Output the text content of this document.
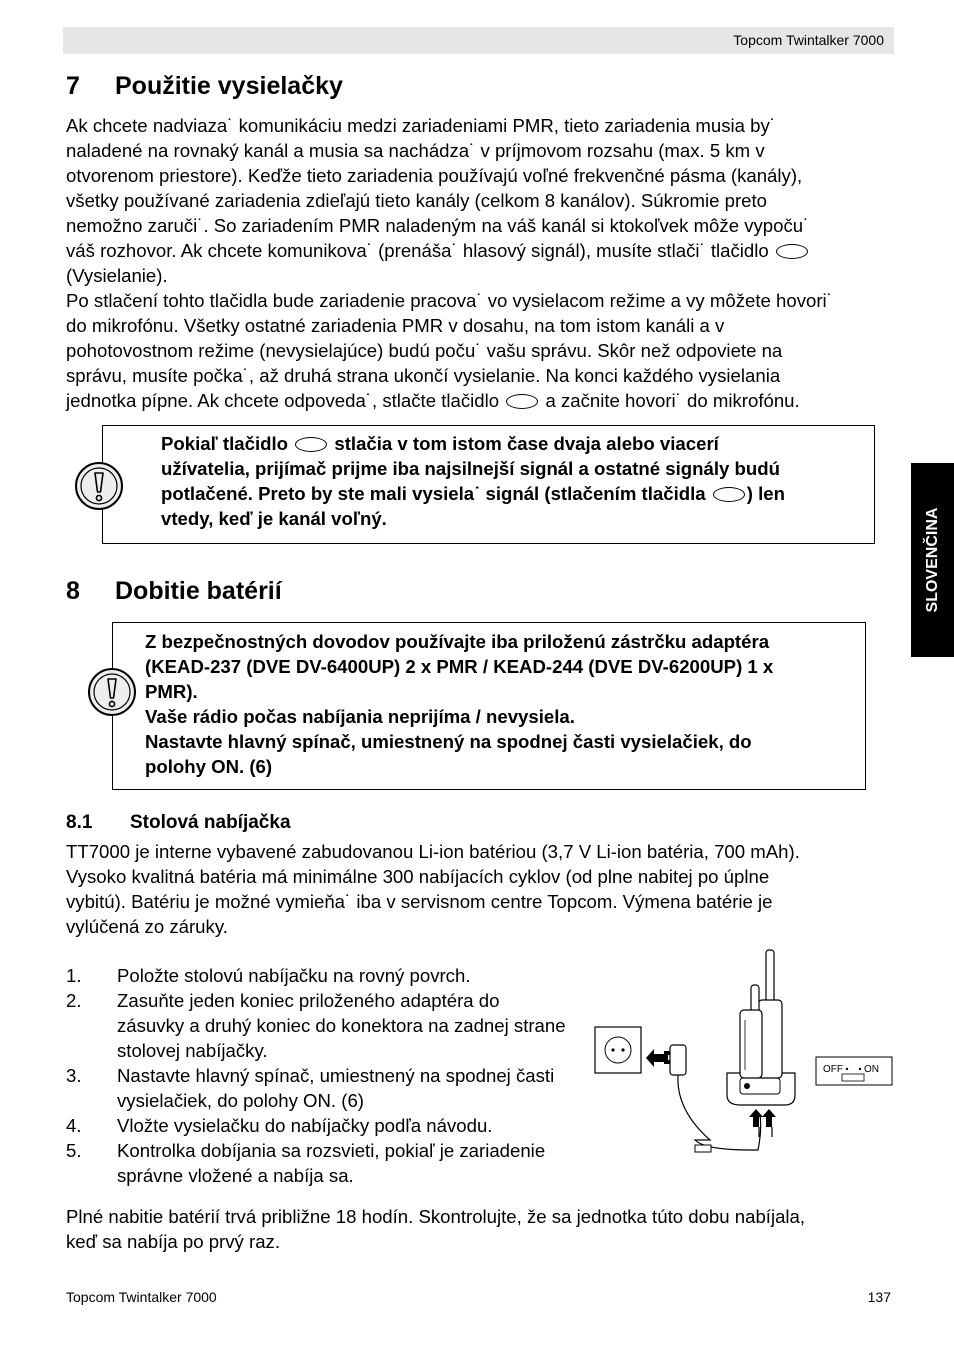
Topcom Twintalker 7000
SLOVENČINA
7 Použitie vysielačky

Ak chcete nadviaza˙ komunikáciu medzi zariadeniami PMR, tieto zariadenia musia by˙
naladené na rovnaký kanál a musia sa nachádza˙ v príjmovom rozsahu (max. 5 km v
otvorenom priestore). Keďže tieto zariadenia používajú voľné frekvenčné pásma (kanály),
všetky používané zariadenia zdieľajú tieto kanály (celkom 8 kanálov). Súkromie preto
nemožno zaruči˙. So zariadením PMR naladeným na váš kanál si ktokoľvek môže vypoču˙
váš rozhovor. Ak chcete komunikova˙ (prenáša˙ hlasový signál), musíte stlači˙ tlačidlo
(Vysielanie).

Po stlačení tohto tlačidla bude zariadenie pracova˙ vo vysielacom režime a vy môžete hovori˙
do mikrofónu. Všetky ostatné zariadenia PMR v dosahu, na tom istom kanáli a v
pohotovostnom režime (nevysielajúce) budú poču˙ vašu správu. Skôr než odpoviete na
správu, musíte počka˙, až druhá strana ukončí vysielanie. Na konci každého vysielania
jednotka pípne. Ak chcete odpoveda˙, stlačte tlačidlo a začnite hovori˙ do mikrofónu.

Pokiaľ tlačidlo stlačia v tom istom čase dvaja alebo viacerí
užívatelia, prijímač prijme iba najsilnejší signál a ostatné signály budú
potlačené. Preto by ste mali vysiela˙ signál (stlačením tlačidla ) len
vtedy, keď je kanál voľný.

8 Dobitie batérií

Z bezpečnostných dovodov používajte iba priloženú zástrčku adaptéra
(KEAD-237 (DVE DV-6400UP) 2 x PMR / KEAD-244 (DVE DV-6200UP) 1 x
PMR).
Vaše rádio počas nabíjania neprijíma / nevysiela.
Nastavte hlavný spínač, umiestnený na spodnej časti vysielačiek, do
polohy ON. (6)

8.1 Stolová nabíjačka

TT7000 je interne vybavené zabudovanou Li-ion batériou (3,7 V Li-ion batéria, 700 mAh).
Vysoko kvalitná batéria má minimálne 300 nabíjacích cyklov (od plne nabitej po úplne
vybitú). Batériu je možné vymieňa˙ iba v servisnom centre Topcom. Výmena batérie je
vylúčená zo záruky.

1. Položte stolovú nabíjačku na rovný povrch.
2. Zasuňte jeden koniec priloženého adaptéra do zásuvky a druhý koniec do konektora na zadnej strane stolovej nabíjačky.
3. Nastavte hlavný spínač, umiestnený na spodnej časti vysielačiek, do polohy ON. (6)
4. Vložte vysielačku do nabíjačky podľa návodu.
5. Kontrolka dobíjania sa rozsvieti, pokiaľ je zariadenie správne vložené a nabíja sa.
OFF ON

Plné nabitie batérií trvá približne 18 hodín. Skontrolujte, že sa jednotka túto dobu nabíjala,
keď sa nabíja po prvý raz.

Topcom Twintalker 7000	137
